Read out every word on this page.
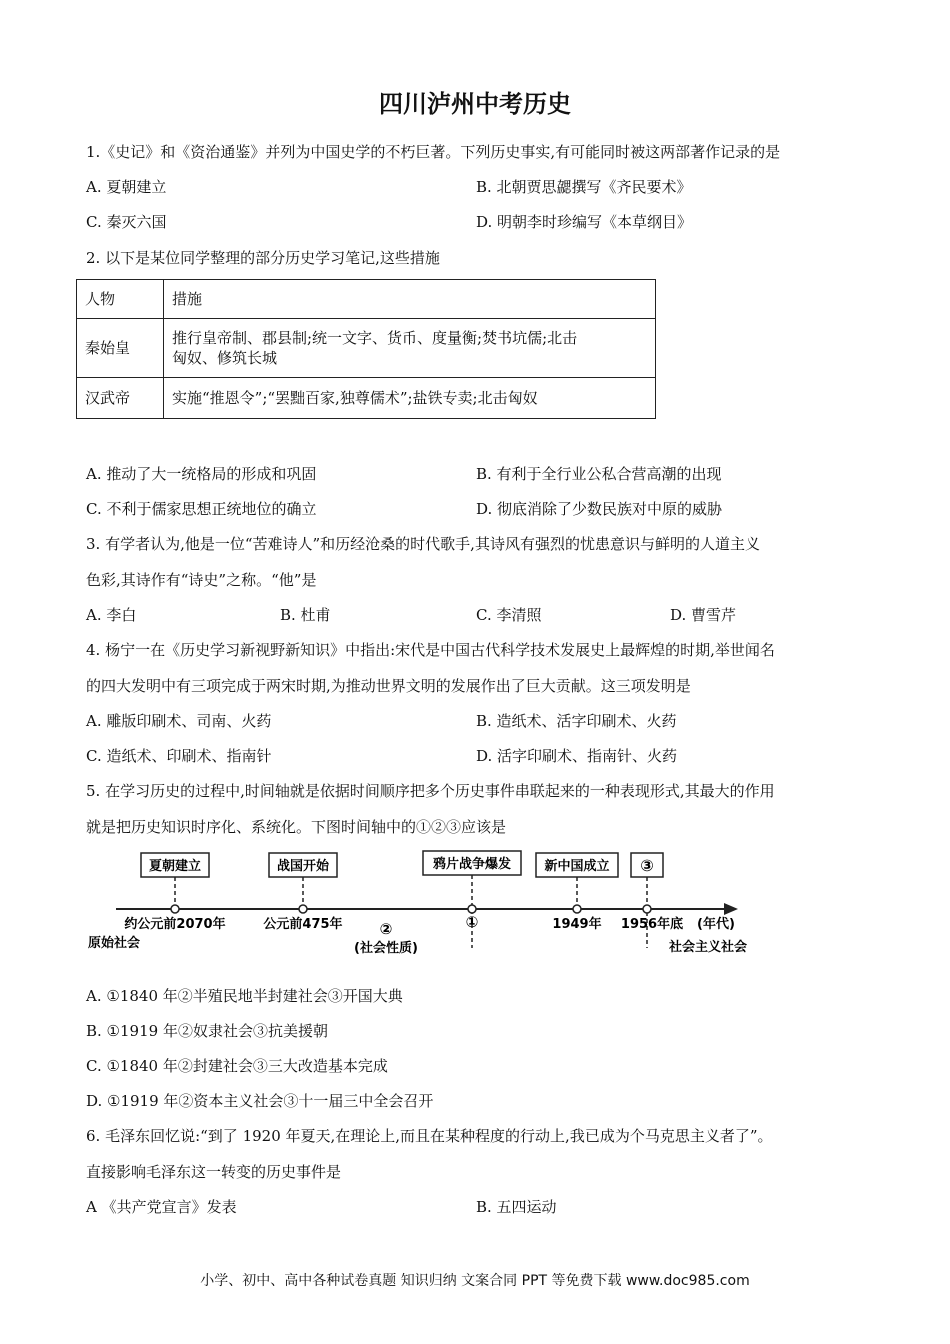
四川泸州中考历史
1.《史记》和《资治通鉴》并列为中国史学的不朽巨著。下列历史事实,有可能同时被这两部著作记录的是
A. 夏朝建立	B. 北朝贾思勰撰写《齐民要术》
C. 秦灭六国	D. 明朝李时珍编写《本草纲目》
2. 以下是某位同学整理的部分历史学习笔记,这些措施
人物	措施
秦始皇	推行皇帝制、郡县制;统一文字、货币、度量衡;焚书坑儒;北击
匈奴、修筑长城

汉武帝	实施“推恩令”;“罢黜百家,独尊儒术”;盐铁专卖;北击匈奴
A. 推动了大一统格局的形成和巩固	B. 有利于全行业公私合营高潮的出现
C. 不利于儒家思想正统地位的确立	D. 彻底消除了少数民族对中原的威胁
3. 有学者认为,他是一位“苦难诗人”和历经沧桑的时代歌手,其诗风有强烈的忧患意识与鲜明的人道主义
色彩,其诗作有“诗史”之称。“他”是
A. 李白	B. 杜甫	C. 李清照	D. 曹雪芹
4. 杨宁一在《历史学习新视野新知识》中指出:宋代是中国古代科学技术发展史上最辉煌的时期,举世闻名
的四大发明中有三项完成于两宋时期,为推动世界文明的发展作出了巨大贡献。这三项发明是
A. 雕版印刷术、司南、火药	B. 造纸术、活字印刷术、火药
C. 造纸术、印刷术、指南针	D. 活字印刷术、指南针、火药
5. 在学习历史的过程中,时间轴就是依据时间顺序把多个历史事件串联起来的一种表现形式,其最大的作用
就是把历史知识时序化、系统化。下图时间轴中的①②③应该是
夏朝建立	战国开始	鸦片战争爆发	新中国成立 ③
约公元前2070年	公元前475年	①	1949年 1956年底 (年代)
原始社会
②
(社会性质)	社会主义社会
A. ①1840 年②半殖民地半封建社会③开国大典
B. ①1919 年②奴隶社会③抗美援朝
C. ①1840 年②封建社会③三大改造基本完成
D. ①1919 年②资本主义社会③十一届三中全会召开
6. 毛泽东回忆说:“到了 1920 年夏天,在理论上,而且在某种程度的行动上,我已成为个马克思主义者了”。
直接影响毛泽东这一转变的历史事件是
A 《共产党宣言》发表	B. 五四运动
小学、初中、高中各种试卷真题 知识归纳 文案合同 PPT 等免费下载 www.doc985.com
